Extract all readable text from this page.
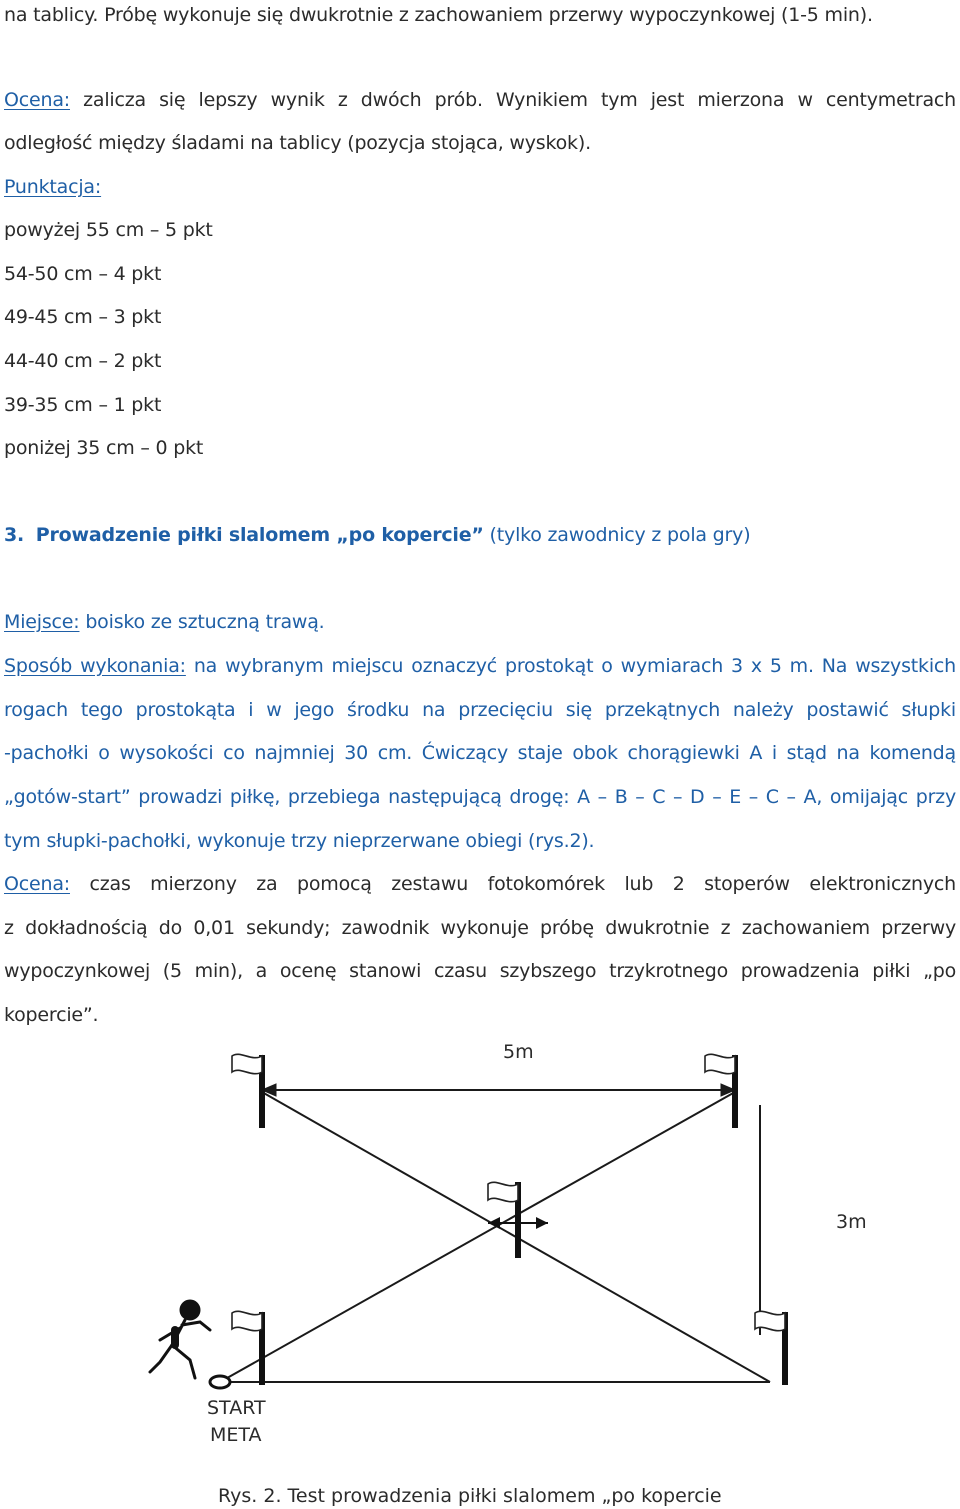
na tablicy. Próbę wykonuje się dwukrotnie z zachowaniem przerwy wypoczynkowej (1-5 min).
Ocena: zalicza się lepszy wynik z dwóch prób. Wynikiem tym jest mierzona w centymetrach
odległość między śladami na tablicy (pozycja stojąca, wyskok).
Punktacja:
powyżej 55 cm – 5 pkt
54-50 cm – 4 pkt
49-45 cm – 3 pkt
44-40 cm – 2 pkt
39-35 cm – 1 pkt
poniżej 35 cm – 0 pkt
3. Prowadzenie piłki slalomem „po kopercie” (tylko zawodnicy z pola gry)
Miejsce: boisko ze sztuczną trawą.
Sposób wykonania: na wybranym miejscu oznaczyć prostokąt o wymiarach 3 x 5 m. Na wszystkich
rogach tego prostokąta i w jego środku na przecięciu się przekątnych należy postawić słupki
-pachołki o wysokości co najmniej 30 cm. Ćwiczący staje obok chorągiewki A i stąd na komendą
„gotów-start” prowadzi piłkę, przebiega następującą drogę: A – B – C – D – E – C – A, omijając przy
tym słupki-pachołki, wykonuje trzy nieprzerwane obiegi (rys.2).
Ocena: czas mierzony za pomocą zestawu fotokomórek lub 2 stoperów elektronicznych
z dokładnością do 0,01 sekundy; zawodnik wykonuje próbę dwukrotnie z zachowaniem przerwy
wypoczynkowej (5 min), a ocenę stanowi czasu szybszego trzykrotnego prowadzenia piłki „po
kopercie”.
5m
3m
START
META
Rys. 2. Test prowadzenia piłki slalomem „po kopercie
